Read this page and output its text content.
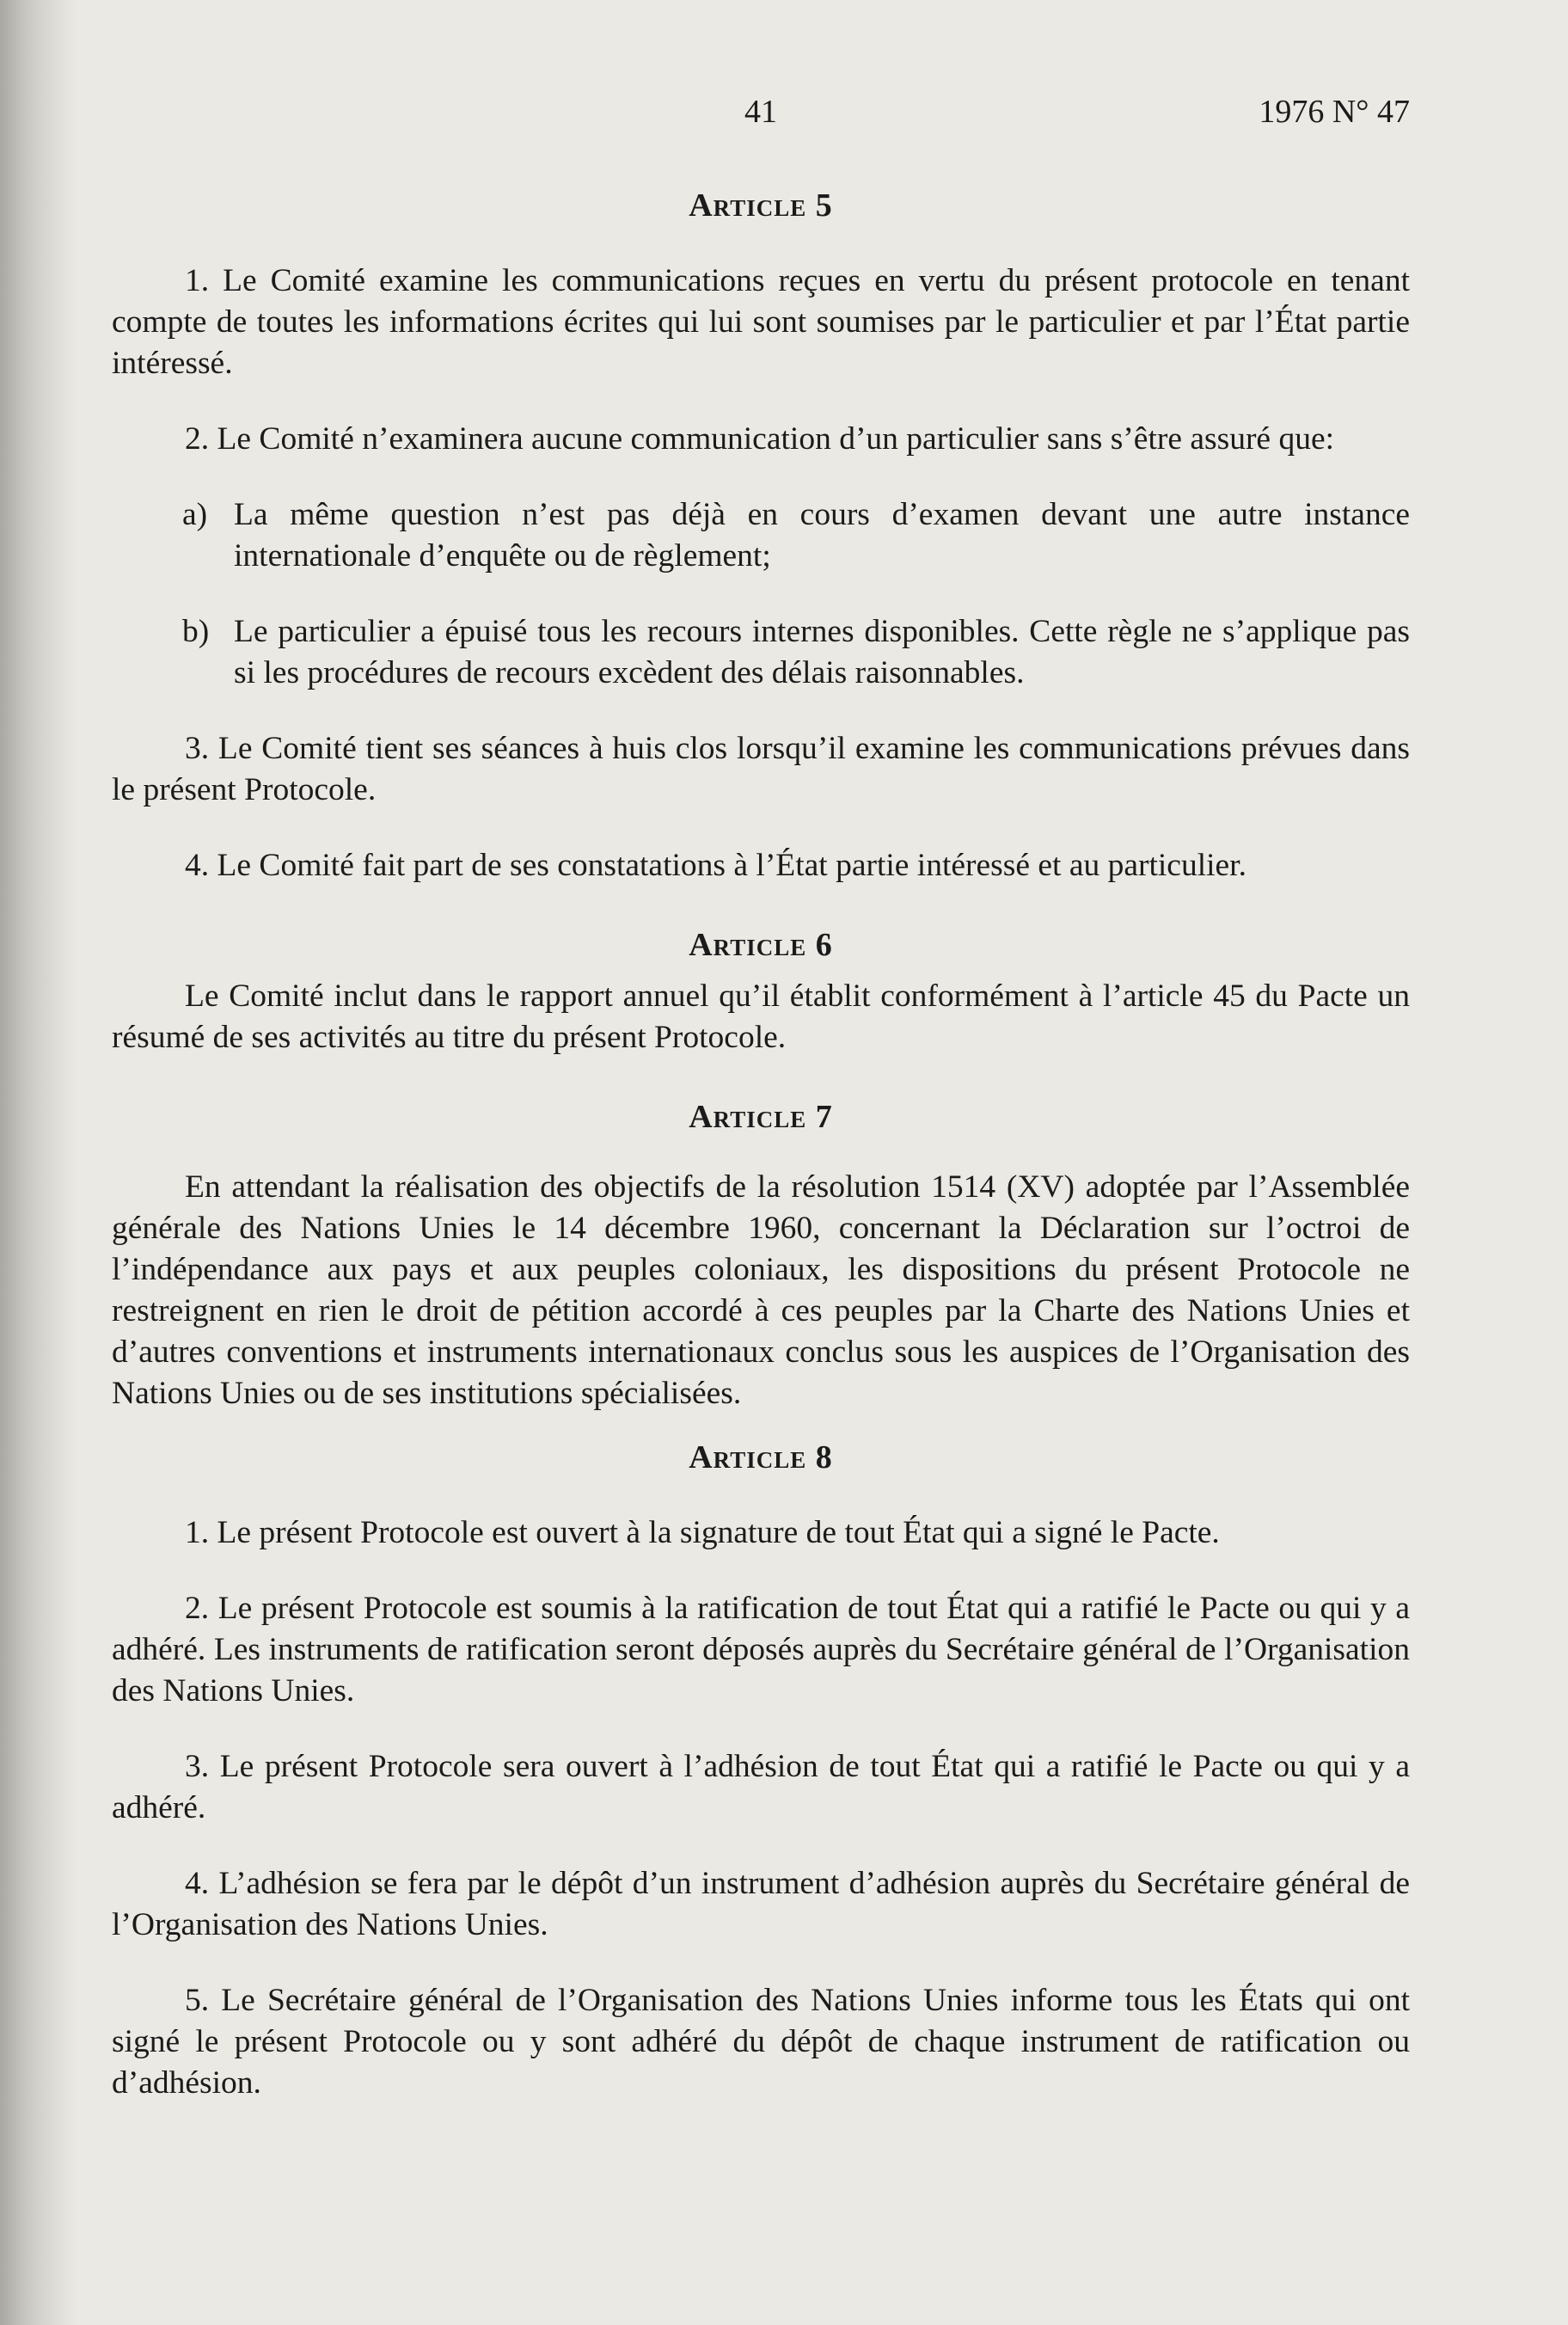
41	1976 N° 47
Article 5

1. Le Comité examine les communications reçues en vertu du présent protocole en tenant compte de toutes les informations écrites qui lui sont soumises par le particulier et par l’État partie intéressé.

2. Le Comité n’examinera aucune communication d’un particulier sans s’être assuré que:

a) La même question n’est pas déjà en cours d’examen devant une autre instance internationale d’enquête ou de règlement;
b) Le particulier a épuisé tous les recours internes disponibles. Cette règle ne s’applique pas si les procédures de recours excèdent des délais raisonnables.

3. Le Comité tient ses séances à huis clos lorsqu’il examine les communications prévues dans le présent Protocole.

4. Le Comité fait part de ses constatations à l’État partie intéressé et au particulier.

Article 6

Le Comité inclut dans le rapport annuel qu’il établit conformément à l’article 45 du Pacte un résumé de ses activités au titre du présent Protocole.

Article 7

En attendant la réalisation des objectifs de la résolution 1514 (XV) adoptée par l’Assemblée générale des Nations Unies le 14 décembre 1960, concernant la Déclaration sur l’octroi de l’indépendance aux pays et aux peuples coloniaux, les dispositions du présent Protocole ne restreignent en rien le droit de pétition accordé à ces peuples par la Charte des Nations Unies et d’autres conventions et instruments internationaux conclus sous les auspices de l’Organisation des Nations Unies ou de ses institutions spécialisées.

Article 8

1. Le présent Protocole est ouvert à la signature de tout État qui a signé le Pacte.

2. Le présent Protocole est soumis à la ratification de tout État qui a ratifié le Pacte ou qui y a adhéré. Les instruments de ratification seront déposés auprès du Secrétaire général de l’Organisation des Nations Unies.

3. Le présent Protocole sera ouvert à l’adhésion de tout État qui a ratifié le Pacte ou qui y a adhéré.

4. L’adhésion se fera par le dépôt d’un instrument d’adhésion auprès du Secrétaire général de l’Organisation des Nations Unies.

5. Le Secrétaire général de l’Organisation des Nations Unies informe tous les États qui ont signé le présent Protocole ou y sont adhéré du dépôt de chaque instrument de ratification ou d’adhésion.
